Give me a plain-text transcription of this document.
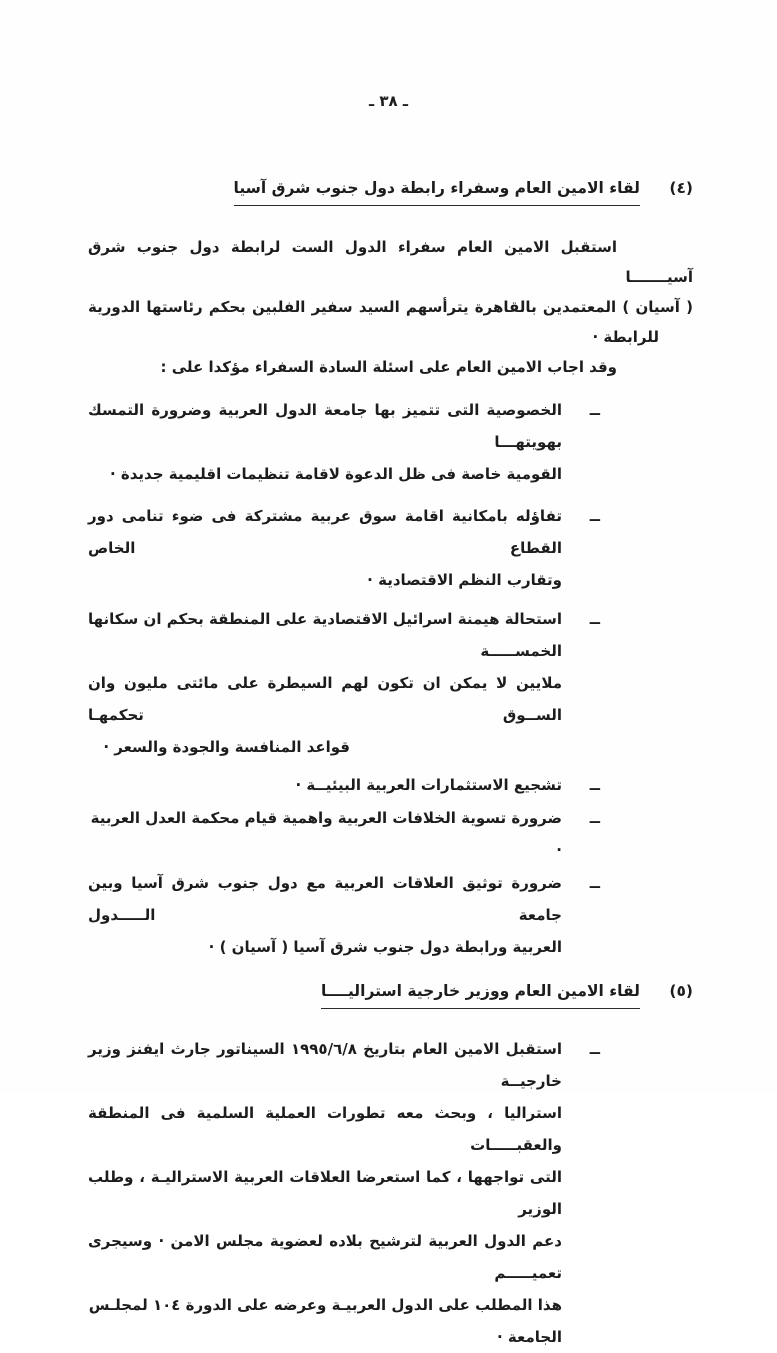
ـ ٣٨ ـ
(٤) لقاء الامين العام وسفراء رابطة دول جنوب شرق آسيا
استقبل الامين العام سفراء الدول الست لرابطة دول جنوب شرق آسيـــــــا
( آسيان ) المعتمدين بالقاهرة يترأسهم السيد سفير الفلبين بحكم رئاستها الدورية
للرابطة ·
وقد اجاب الامين العام على اسئلة السادة السفراء مؤكدا على :
ــ
الخصوصية التى تتميز بها جامعة الدول العربية وضرورة التمسك بهويتهـــا
القومية خاصة فى ظل الدعوة لاقامة تنظيمات اقليمية جديدة ·
ــ
تفاؤله بامكانية اقامة سوق عربية مشتركة فى ضوء تنامى دور القطاع الخاص
وتقارب النظم الاقتصادية ·
ــ
استحالة هيمنة اسرائيل الاقتصادية على المنطقة بحكم ان سكانها الخمســـــة
ملايين لا يمكن ان تكون لهم السيطرة على مائتى مليون وان الســوق تحكمهـا
قواعد المنافسة والجودة والسعر ·
ــ
تشجيع الاستثمارات العربية البيئيــة ·
ــ
ضرورة تسوية الخلافات العربية واهمية قيام محكمة العدل العربية ·
ــ
ضرورة توثيق العلاقات العربية مع دول جنوب شرق آسيا وبين جامعة الـــــدول
العربية ورابطة دول جنوب شرق آسيا ( آسيان ) ·
(٥) لقاء الامين العام ووزير خارجية استراليــــا
ــ
استقبل الامين العام بتاريخ ١٩٩٥/٦/٨ السيناتور جارث ايفنز وزير خارجيــة
استراليا ، وبحث معه تطورات العملية السلمية فى المنطقة والعقبـــــات
التى تواجهها ، كما استعرضا العلاقات العربية الاستراليـة ، وطلب الوزير
دعم الدول العربية لترشيح بلاده لعضوية مجلس الامن · وسيجرى تعميـــــم
هذا المطلب على الدول العربيـة وعرضه على الدورة ١٠٤ لمجلـس الجامعة ·
